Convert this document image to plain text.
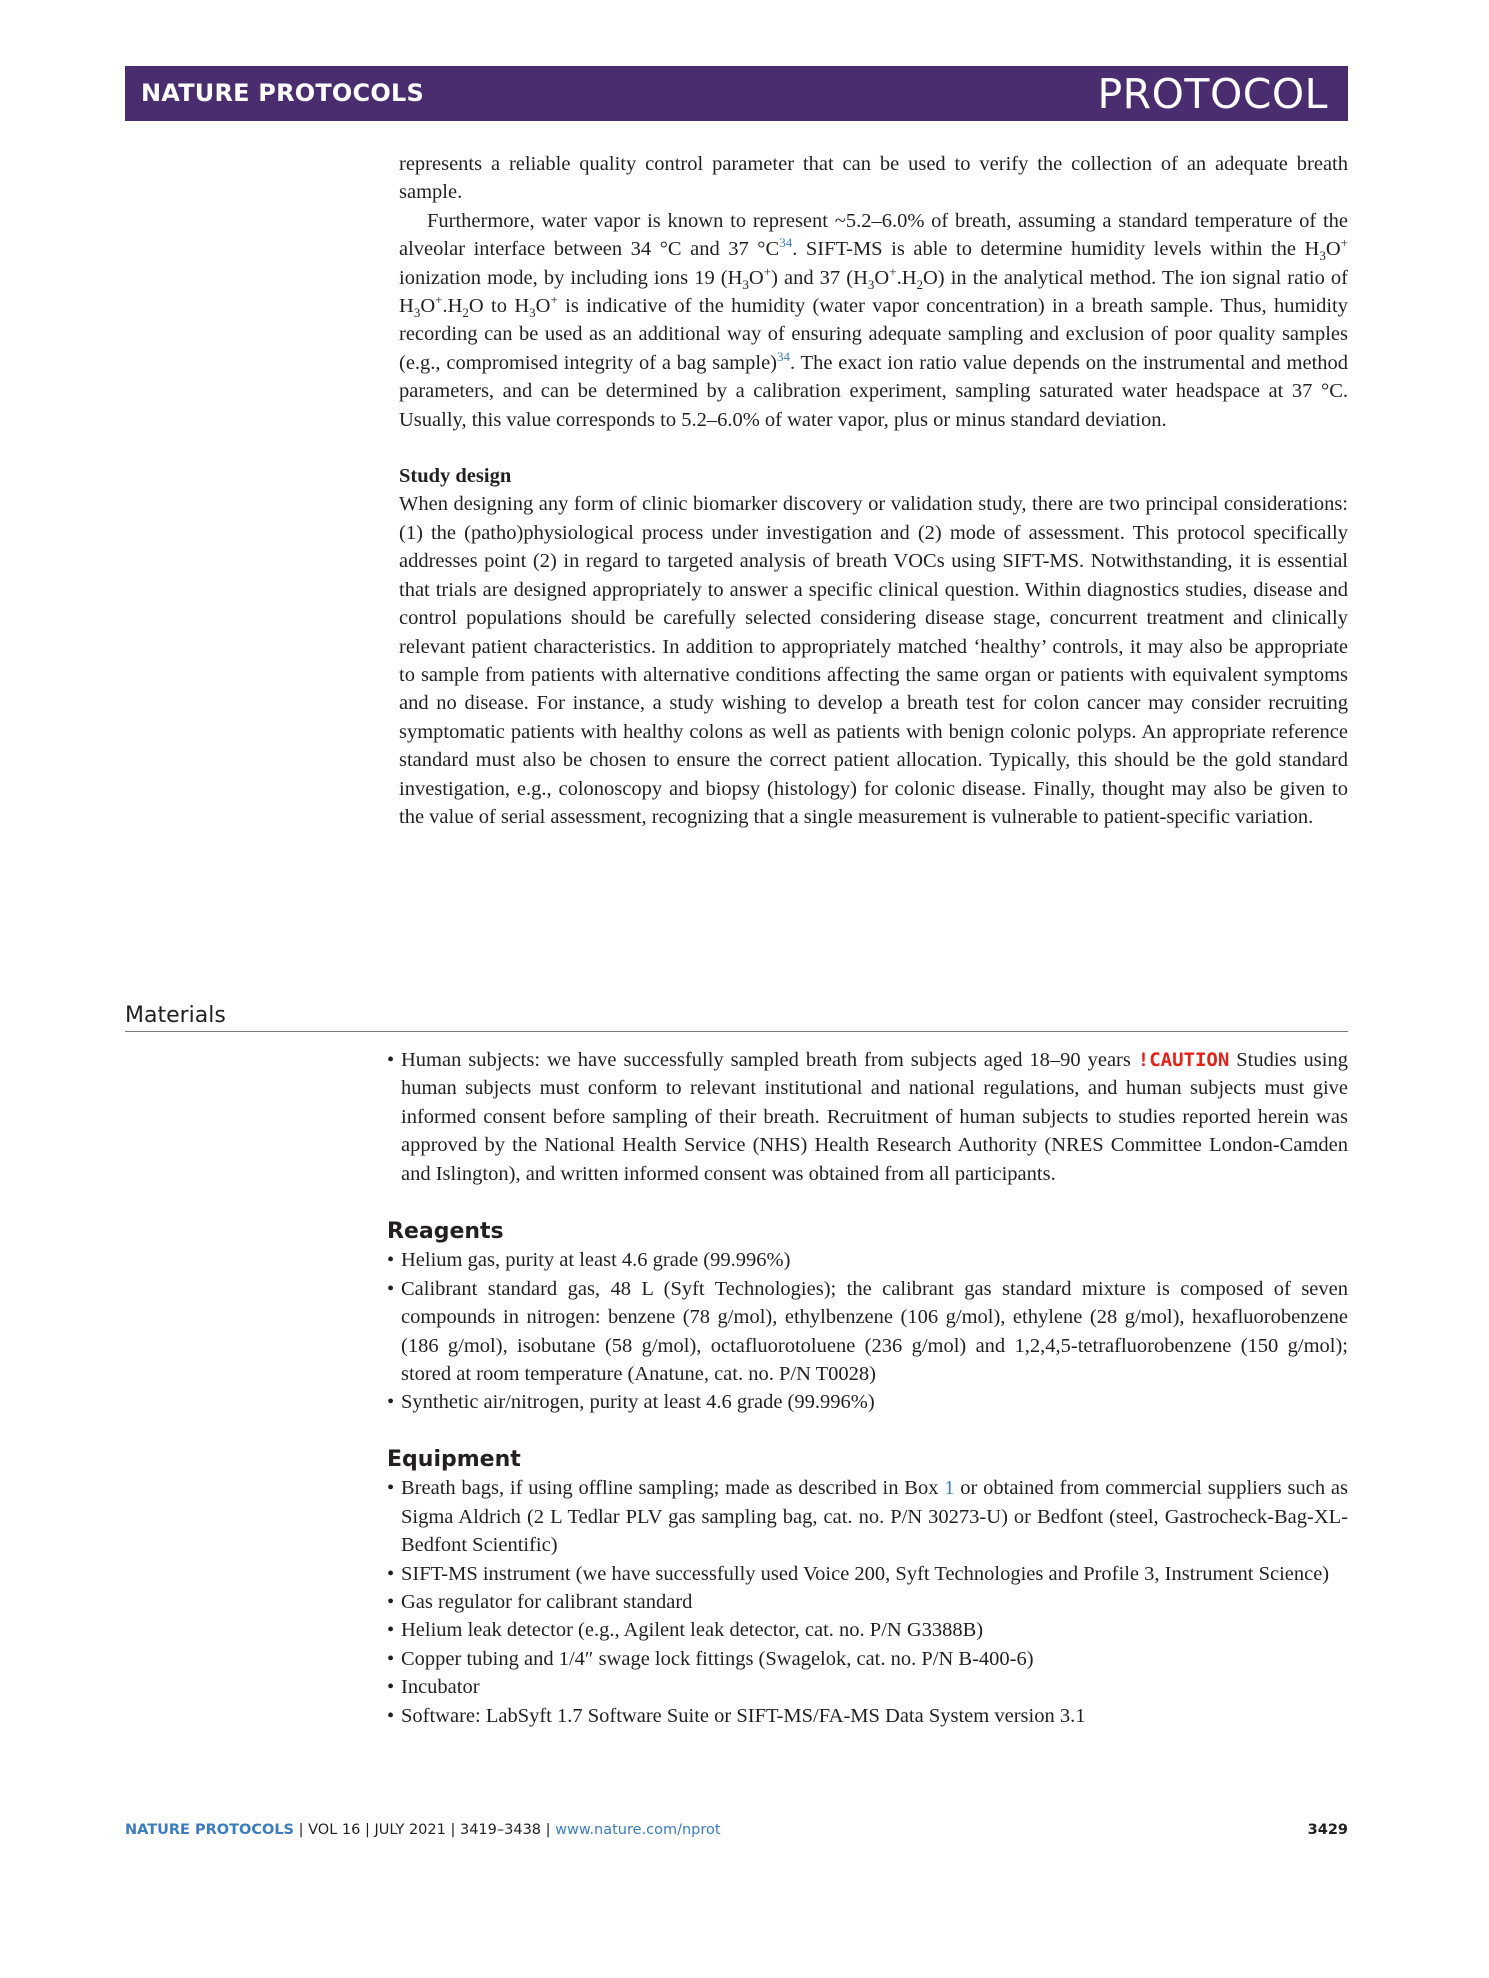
NATURE PROTOCOLS	PROTOCOL

represents a reliable quality control parameter that can be used to verify the collection of an adequate breath sample.

Furthermore, water vapor is known to represent ~5.2–6.0% of breath, assuming a standard temperature of the alveolar interface between 34 °C and 37 °C$^{34}$. SIFT-MS is able to determine humidity levels within the $H_3O^+$ ionization mode, by including ions 19 $(H_3O^+)$ and 37 $(H_3O^+.H_2O)$ in the analytical method. The ion signal ratio of $H_3O^+.H_2O$ to $H_3O^+$ is indicative of the humidity (water vapor concentration) in a breath sample. Thus, humidity recording can be used as an additional way of ensuring adequate sampling and exclusion of poor quality samples (e.g., compromised integrity of a bag sample)$^{34}$. The exact ion ratio value depends on the instrumental and method parameters, and can be determined by a calibration experiment, sampling saturated water headspace at 37 °C. Usually, this value corresponds to 5.2–6.0% of water vapor, plus or minus standard deviation.

Study design

When designing any form of clinic biomarker discovery or validation study, there are two principal considerations: (1) the (patho)physiological process under investigation and (2) mode of assessment. This protocol specifically addresses point (2) in regard to targeted analysis of breath VOCs using SIFT-MS. Notwithstanding, it is essential that trials are designed appropriately to answer a specific clinical question. Within diagnostics studies, disease and control populations should be carefully selected considering disease stage, concurrent treatment and clinically relevant patient characteristics. In addition to appropriately matched ‘healthy’ controls, it may also be appropriate to sample from patients with alternative conditions affecting the same organ or patients with equivalent symptoms and no disease. For instance, a study wishing to develop a breath test for colon cancer may consider recruiting symptomatic patients with healthy colons as well as patients with benign colonic polyps. An appropriate reference standard must also be chosen to ensure the correct patient allocation. Typically, this should be the gold standard investigation, e.g., colonoscopy and biopsy (histology) for colonic disease. Finally, thought may also be given to the value of serial assessment, recognizing that a single measurement is vulnerable to patient-specific variation.

Materials
• Human subjects: we have successfully sampled breath from subjects aged 18–90 years !CAUTION Studies using human subjects must conform to relevant institutional and national regulations, and human subjects must give informed consent before sampling of their breath. Recruitment of human subjects to studies reported herein was approved by the National Health Service (NHS) Health Research Authority (NRES Committee London-Camden and Islington), and written informed consent was obtained from all participants.

Reagents

• Helium gas, purity at least 4.6 grade (99.996%)
• Calibrant standard gas, 48 L (Syft Technologies); the calibrant gas standard mixture is composed of seven compounds in nitrogen: benzene (78 g/mol), ethylbenzene (106 g/mol), ethylene (28 g/mol), hexafluorobenzene (186 g/mol), isobutane (58 g/mol), octafluorotoluene (236 g/mol) and 1,2,4,5-tetrafluorobenzene (150 g/mol); stored at room temperature (Anatune, cat. no. P/N T0028)
• Synthetic air/nitrogen, purity at least 4.6 grade (99.996%)

Equipment

• Breath bags, if using offline sampling; made as described in Box 1 or obtained from commercial suppliers such as Sigma Aldrich (2 L Tedlar PLV gas sampling bag, cat. no. P/N 30273-U) or Bedfont (steel, Gastrocheck-Bag-XL-Bedfont Scientific)
• SIFT-MS instrument (we have successfully used Voice 200, Syft Technologies and Profile 3, Instrument Science)
• Gas regulator for calibrant standard
• Helium leak detector (e.g., Agilent leak detector, cat. no. P/N G3388B)
• Copper tubing and 1/4″ swage lock fittings (Swagelok, cat. no. P/N B-400-6)
• Incubator
• Software: LabSyft 1.7 Software Suite or SIFT-MS/FA-MS Data System version 3.1
NATURE PROTOCOLS | VOL 16 | JULY 2021 | 3419–3438 | www.nature.com/nprot	3429
